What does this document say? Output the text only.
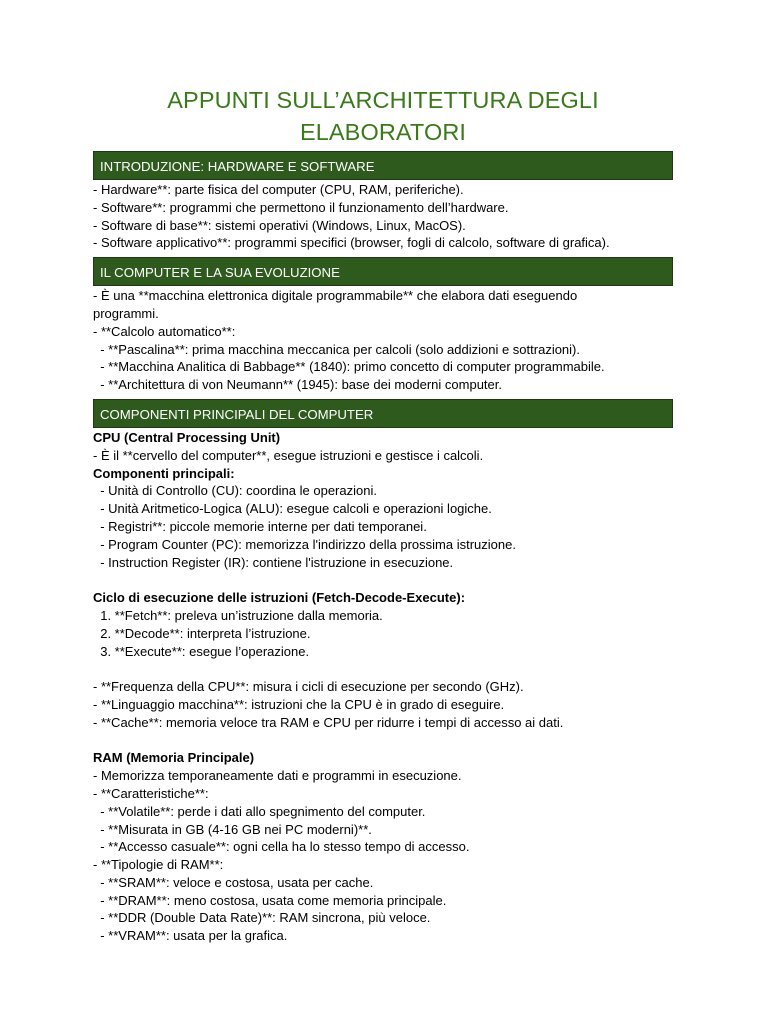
APPUNTI SULL’ARCHITETTURA DEGLI
ELABORATORI
INTRODUZIONE: HARDWARE E SOFTWARE
- Hardware**: parte fisica del computer (CPU, RAM, periferiche).
- Software**: programmi che permettono il funzionamento dell’hardware.
- Software di base**: sistemi operativi (Windows, Linux, MacOS).
- Software applicativo**: programmi specifici (browser, fogli di calcolo, software di grafica).
IL COMPUTER E LA SUA EVOLUZIONE
- È una **macchina elettronica digitale programmabile** che elabora dati eseguendo
programmi.
- **Calcolo automatico**:
- **Pascalina**: prima macchina meccanica per calcoli (solo addizioni e sottrazioni).
- **Macchina Analitica di Babbage** (1840): primo concetto di computer programmabile.
- **Architettura di von Neumann** (1945): base dei moderni computer.
COMPONENTI PRINCIPALI DEL COMPUTER
CPU (Central Processing Unit)
- È il **cervello del computer**, esegue istruzioni e gestisce i calcoli.
Componenti principali:
- Unità di Controllo (CU): coordina le operazioni.
- Unità Aritmetico-Logica (ALU): esegue calcoli e operazioni logiche.
- Registri**: piccole memorie interne per dati temporanei.
- Program Counter (PC): memorizza l'indirizzo della prossima istruzione.
- Instruction Register (IR): contiene l'istruzione in esecuzione.
Ciclo di esecuzione delle istruzioni (Fetch-Decode-Execute):
1. **Fetch**: preleva un’istruzione dalla memoria.
2. **Decode**: interpreta l’istruzione.
3. **Execute**: esegue l’operazione.
- **Frequenza della CPU**: misura i cicli di esecuzione per secondo (GHz).
- **Linguaggio macchina**: istruzioni che la CPU è in grado di eseguire.
- **Cache**: memoria veloce tra RAM e CPU per ridurre i tempi di accesso ai dati.
RAM (Memoria Principale)
- Memorizza temporaneamente dati e programmi in esecuzione.
- **Caratteristiche**:
- **Volatile**: perde i dati allo spegnimento del computer.
- **Misurata in GB (4-16 GB nei PC moderni)**.
- **Accesso casuale**: ogni cella ha lo stesso tempo di accesso.
- **Tipologie di RAM**:
- **SRAM**: veloce e costosa, usata per cache.
- **DRAM**: meno costosa, usata come memoria principale.
- **DDR (Double Data Rate)**: RAM sincrona, più veloce.
- **VRAM**: usata per la grafica.
